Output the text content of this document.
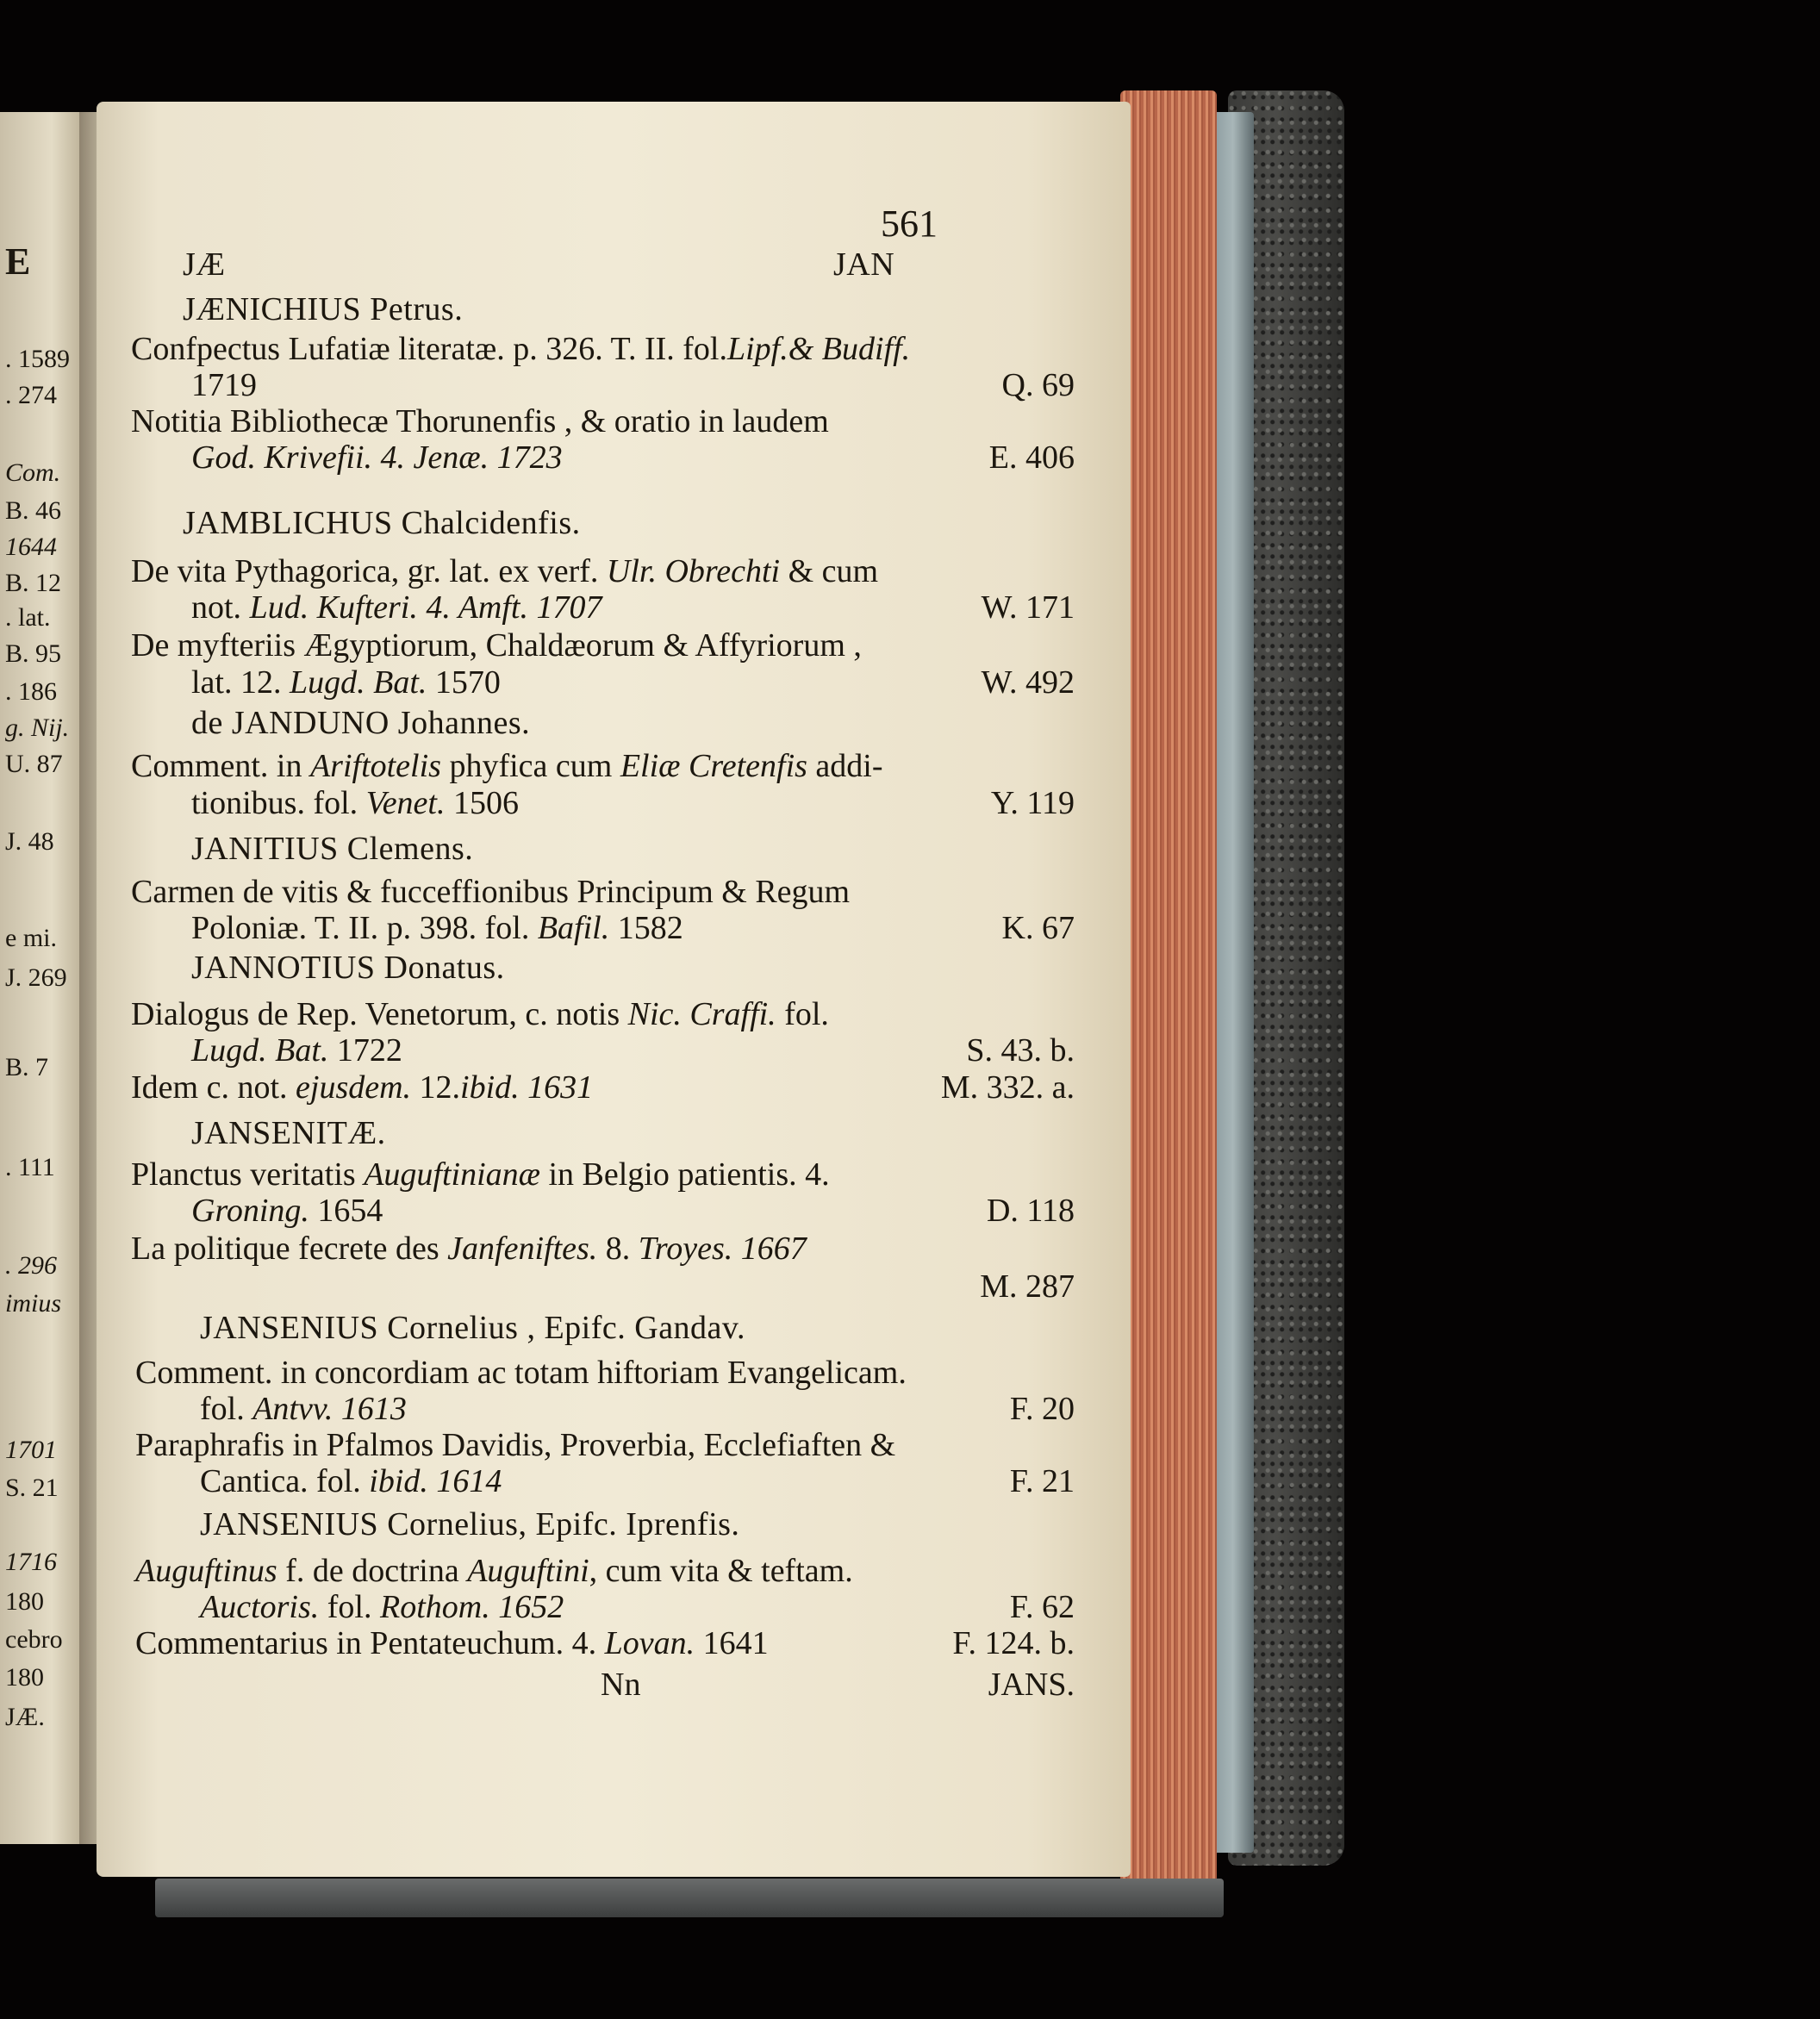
E
. 1589
. 274
Com.
B. 46
1644
B. 12
. lat.
B. 95
. 186
g. Nij.
U. 87
J. 48
e mi.
J. 269
B. 7
. 111
. 296
imius
1701
S. 21
1716
180
cebro
180
JÆ.
561
JÆ	JAN
JÆNICHIUS Petrus.
Confpectus Lufatiæ literatæ. p. 326. T. II. fol.Lipf.& Budiff.
1719	Q. 69
Notitia Bibliothecæ Thorunenfis , & oratio in laudem
God. Krivefii. 4. Jenæ. 1723	E. 406
JAMBLICHUS Chalcidenfis.
De vita Pythagorica, gr. lat. ex verf. Ulr. Obrechti & cum
not. Lud. Kufteri. 4. Amft. 1707	W. 171
De myfteriis Ægyptiorum, Chaldæorum & Affyriorum ,
lat. 12. Lugd. Bat. 1570	W. 492
de JANDUNO Johannes.
Comment. in Ariftotelis phyfica cum Eliæ Cretenfis addi-
tionibus. fol. Venet. 1506	Y. 119
JANITIUS Clemens.
Carmen de vitis & fucceffionibus Principum & Regum
Poloniæ. T. II. p. 398. fol. Bafil. 1582	K. 67
JANNOTIUS Donatus.
Dialogus de Rep. Venetorum, c. notis Nic. Craffi. fol.
Lugd. Bat. 1722	S. 43. b.
Idem c. not. ejusdem. 12.ibid. 1631	M. 332. a.
JANSENITÆ.
Planctus veritatis Auguftinianæ in Belgio patientis. 4.
Groning. 1654	D. 118
La politique fecrete des Janfeniftes. 8. Troyes. 1667
M. 287
JANSENIUS Cornelius , Epifc. Gandav.
Comment. in concordiam ac totam hiftoriam Evangelicam.
fol. Antvv. 1613	F. 20
Paraphrafis in Pfalmos Davidis, Proverbia, Ecclefiaften &
Cantica. fol. ibid. 1614	F. 21
JANSENIUS Cornelius, Epifc. Iprenfis.
Auguftinus f. de doctrina Auguftini, cum vita & teftam.
Auctoris. fol. Rothom. 1652	F. 62
Commentarius in Pentateuchum. 4. Lovan. 1641	F. 124. b.
Nn	JANS.
